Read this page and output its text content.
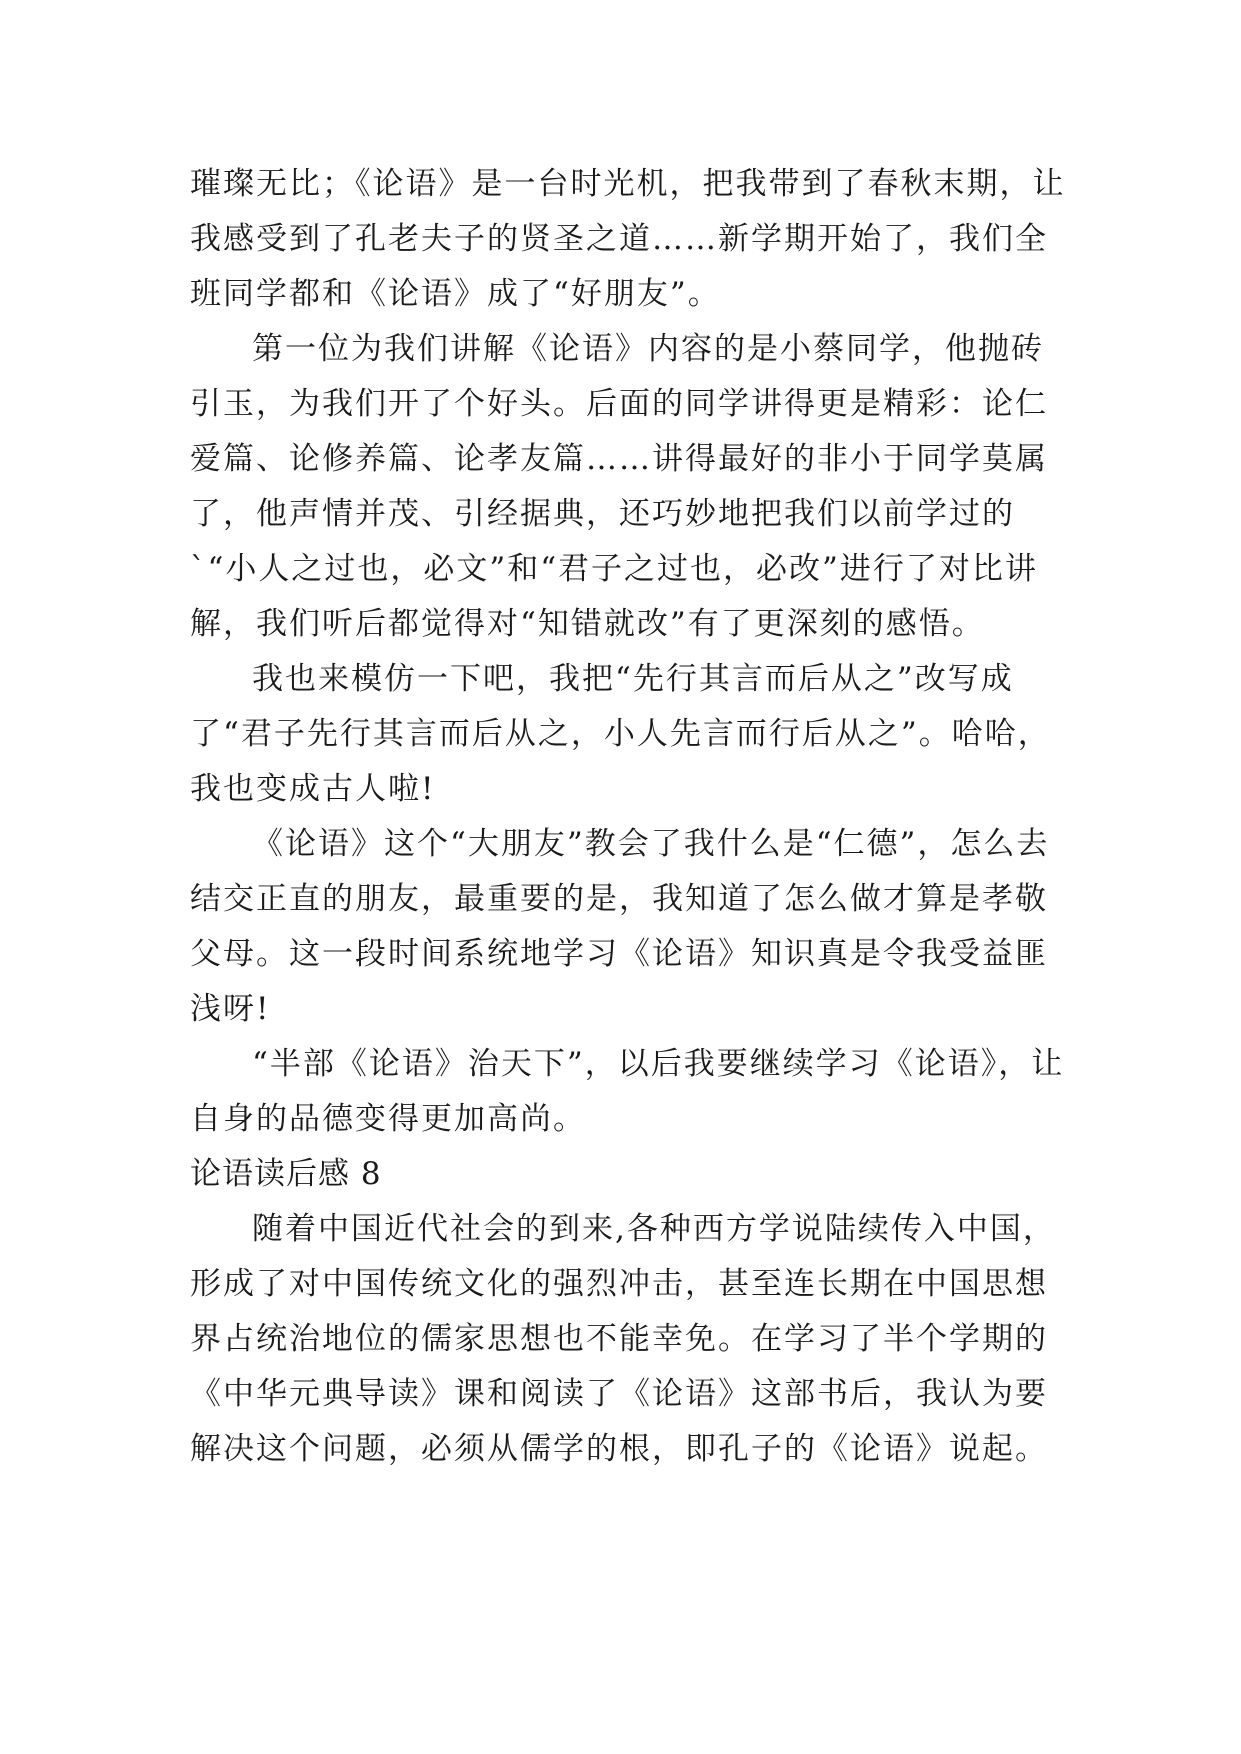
璀璨无比；《论语》是一台时光机，把我带到了春秋末期，让我感受到了孔老夫子的贤圣之道……新学期开始了，我们全班同学都和《论语》成了“好朋友”。

第一位为我们讲解《论语》内容的是小蔡同学，他抛砖引玉，为我们开了个好头。后面的同学讲得更是精彩：论仁爱篇、论修养篇、论孝友篇……讲得最好的非小于同学莫属了，他声情并茂、引经据典，还巧妙地把我们以前学过的`“小人之过也，必文”和“君子之过也，必改”进行了对比讲解，我们听后都觉得对“知错就改”有了更深刻的感悟。

我也来模仿一下吧，我把“先行其言而后从之”改写成了“君子先行其言而后从之，小人先言而行后从之”。哈哈，我也变成古人啦!

《论语》这个“大朋友”教会了我什么是“仁德”，怎么去结交正直的朋友，最重要的是，我知道了怎么做才算是孝敬父母。这一段时间系统地学习《论语》知识真是令我受益匪浅呀!

“半部《论语》治天下”，以后我要继续学习《论语》，让自身的品德变得更加高尚。

论语读后感 8

随着中国近代社会的到来,各种西方学说陆续传入中国，形成了对中国传统文化的强烈冲击，甚至连长期在中国思想界占统治地位的儒家思想也不能幸免。在学习了半个学期的《中华元典导读》课和阅读了《论语》这部书后，我认为要解决这个问题，必须从儒学的根，即孔子的《论语》说起。
